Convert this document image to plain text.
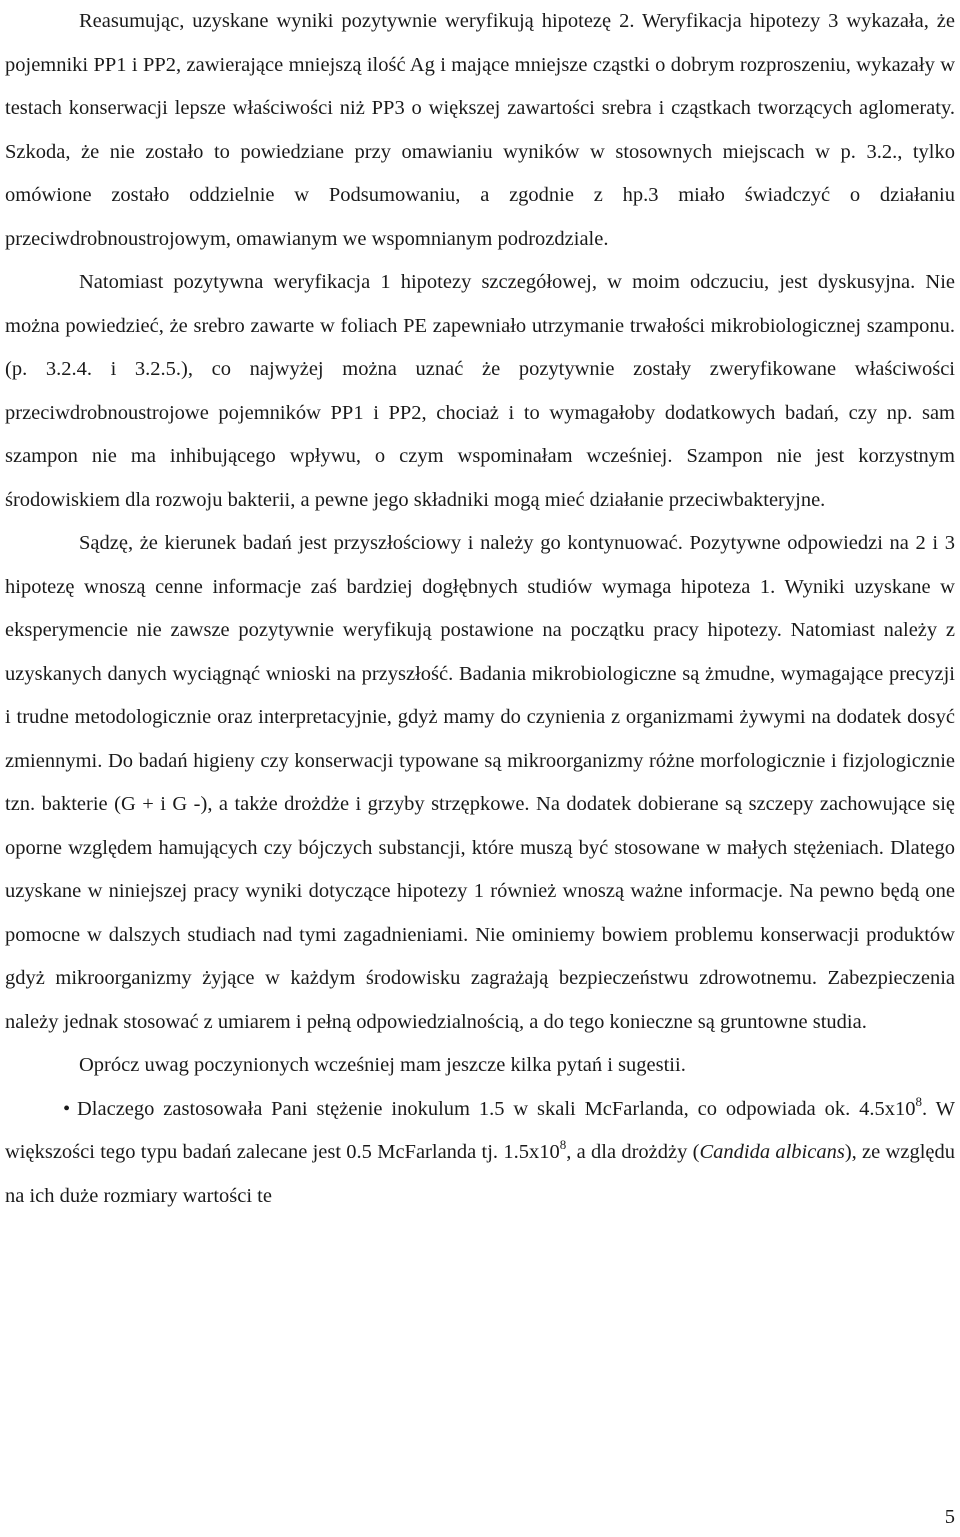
Reasumując, uzyskane wyniki pozytywnie weryfikują hipotezę 2. Weryfikacja hipotezy 3 wykazała, że pojemniki PP1 i PP2, zawierające mniejszą ilość Ag i mające mniejsze cząstki o dobrym rozproszeniu, wykazały w testach konserwacji lepsze właściwości niż PP3 o większej zawartości srebra i cząstkach tworzących aglomeraty. Szkoda, że nie zostało to powiedziane przy omawianiu wyników w stosownych miejscach w p. 3.2., tylko omówione zostało oddzielnie w Podsumowaniu, a zgodnie z hp.3 miało świadczyć o działaniu przeciwdrobnoustrojowym, omawianym we wspomnianym podrozdziale.

Natomiast pozytywna weryfikacja 1 hipotezy szczegółowej, w moim odczuciu, jest dyskusyjna. Nie można powiedzieć, że srebro zawarte w foliach PE zapewniało utrzymanie trwałości mikrobiologicznej szamponu. (p. 3.2.4. i 3.2.5.), co najwyżej można uznać że pozytywnie zostały zweryfikowane właściwości przeciwdrobnoustrojowe pojemników PP1 i PP2, chociaż i to wymagałoby dodatkowych badań, czy np. sam szampon nie ma inhibującego wpływu, o czym wspominałam wcześniej. Szampon nie jest korzystnym środowiskiem dla rozwoju bakterii, a pewne jego składniki mogą mieć działanie przeciwbakteryjne.

Sądzę, że kierunek badań jest przyszłościowy i należy go kontynuować. Pozytywne odpowiedzi na 2 i 3 hipotezę wnoszą cenne informacje zaś bardziej dogłębnych studiów wymaga hipoteza 1. Wyniki uzyskane w eksperymencie nie zawsze pozytywnie weryfikują postawione na początku pracy hipotezy. Natomiast należy z uzyskanych danych wyciągnąć wnioski na przyszłość. Badania mikrobiologiczne są żmudne, wymagające precyzji i trudne metodologicznie oraz interpretacyjnie, gdyż mamy do czynienia z organizmami żywymi na dodatek dosyć zmiennymi. Do badań higieny czy konserwacji typowane są mikroorganizmy różne morfologicznie i fizjologicznie tzn. bakterie (G + i G -), a także drożdże i grzyby strzępkowe. Na dodatek dobierane są szczepy zachowujące się oporne względem hamujących czy bójczych substancji, które muszą być stosowane w małych stężeniach. Dlatego uzyskane w niniejszej pracy wyniki dotyczące hipotezy 1 również wnoszą ważne informacje. Na pewno będą one pomocne w dalszych studiach nad tymi zagadnieniami. Nie ominiemy bowiem problemu konserwacji produktów gdyż mikroorganizmy żyjące w każdym środowisku zagrażają bezpieczeństwu zdrowotnemu. Zabezpieczenia należy jednak stosować z umiarem i pełną odpowiedzialnością, a do tego konieczne są gruntowne studia.

Oprócz uwag poczynionych wcześniej mam jeszcze kilka pytań i sugestii.

• Dlaczego zastosowała Pani stężenie inokulum 1.5 w skali McFarlanda, co odpowiada ok. $4.5x10^8$. W większości tego typu badań zalecane jest 0.5 McFarlanda tj. $1.5x10^8$, a dla drożdży (Candida albicans), ze względu na ich duże rozmiary wartości te

5
